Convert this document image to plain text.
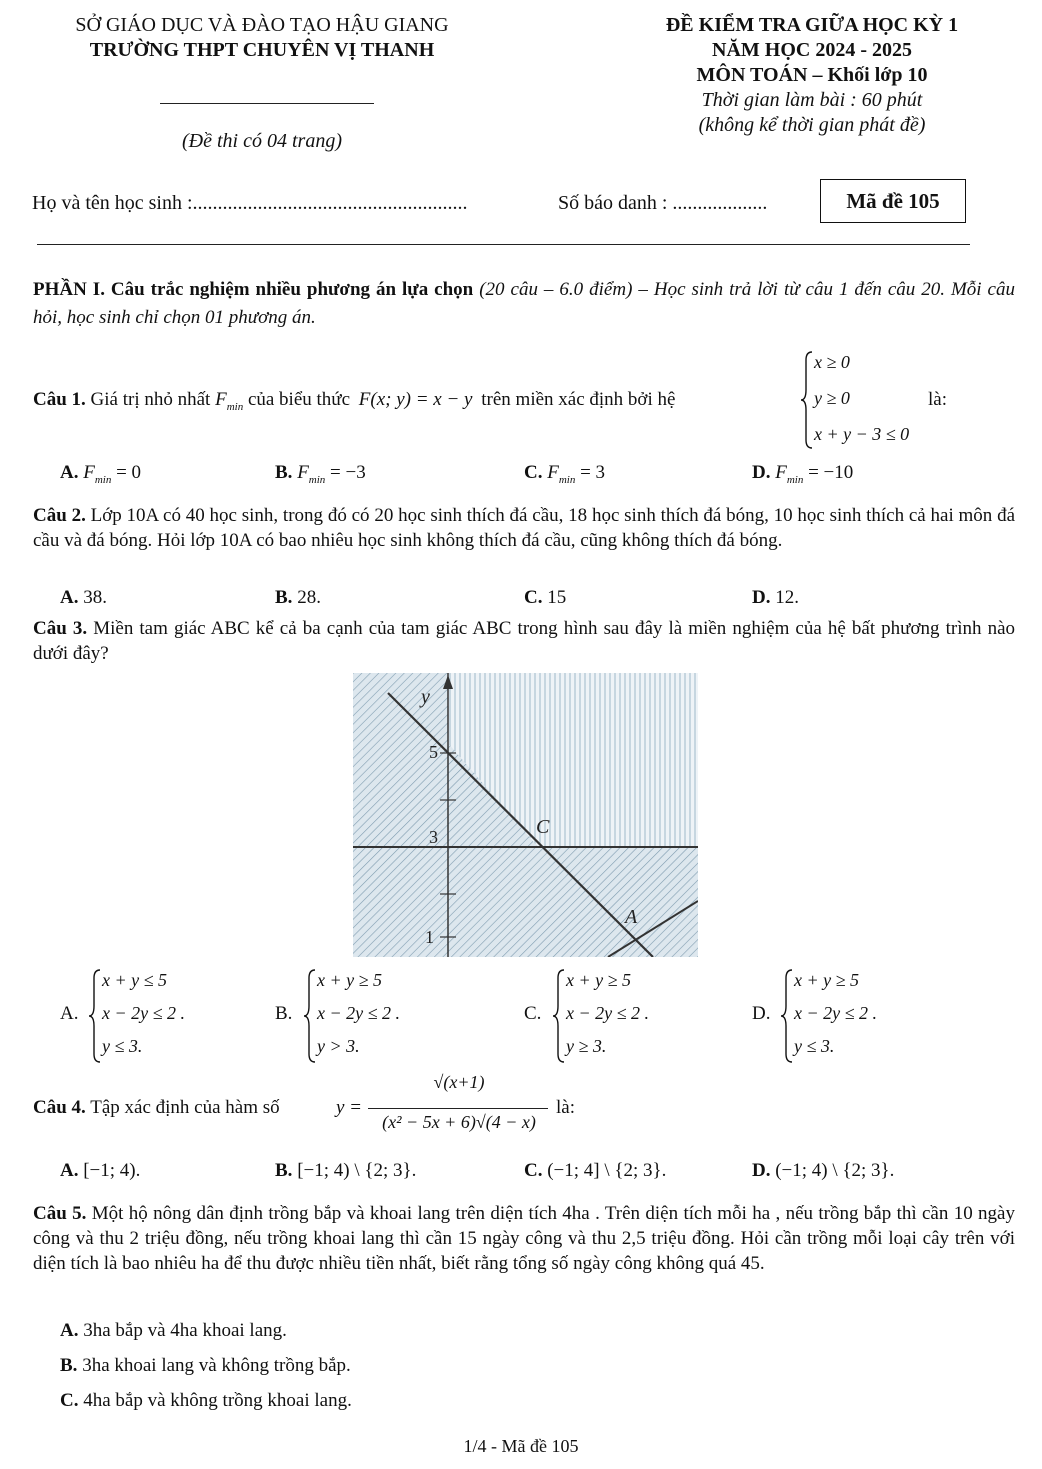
SỞ GIÁO DỤC VÀ ĐÀO TẠO HẬU GIANG
TRƯỜNG THPT CHUYÊN VỊ THANH
(Đề thi có 04 trang)
ĐỀ KIỂM TRA GIỮA HỌC KỲ 1
NĂM HỌC 2024 - 2025
MÔN TOÁN – Khối lớp 10
Thời gian làm bài : 60 phút
(không kể thời gian phát đề)
Họ và tên học sinh :.......................................................	Số báo danh : ...................	Mã đề 105
PHẦN I. Câu trắc nghiệm nhiều phương án lựa chọn (20 câu – 6.0 điểm) – Học sinh trả lời từ câu 1 đến câu 20. Mỗi câu hỏi, học sinh chỉ chọn 01 phương án.
Câu 1. Giá trị nhỏ nhất $F_{min}$ của biểu thức F(x; y) = x − y trên miền xác định bởi hệ
x ≥ 0
y ≥ 0
x + y − 3 ≤ 0
là:
A. $F_{min} = 0$	B. $F_{min} = -3$	C. $F_{min} = 3$	D. $F_{min} = -10$
Câu 2. Lớp 10A có 40 học sinh, trong đó có 20 học sinh thích đá cầu, 18 học sinh thích đá bóng, 10 học sinh thích cả hai môn đá cầu và đá bóng. Hỏi lớp 10A có bao nhiêu học sinh không thích đá cầu, cũng không thích đá bóng.
A. 38.	B. 28.	C. 15	D. 12.
Câu 3. Miền tam giác ABC kể cả ba cạnh của tam giác ABC trong hình sau đây là miền nghiệm của hệ bất phương trình nào dưới đây?
y
5
3
1
C
A
A.
x + y ≤ 5
x − 2y ≤ 2 .
y ≤ 3.
B.
x + y ≥ 5
x − 2y ≤ 2 .
y > 3.
C.
x + y ≥ 5
x − 2y ≤ 2 .
y ≥ 3.
D.
x + y ≥ 5
x − 2y ≤ 2 .
y ≤ 3.
Câu 4. Tập xác định của hàm số	y =
√(x+1)
(x² − 5x + 6)√(4 − x)
là:
A. [−1; 4).	B. [−1; 4) \ {2; 3}.	C. (−1; 4] \ {2; 3}.	D. (−1; 4) \ {2; 3}.
Câu 5. Một hộ nông dân định trồng bắp và khoai lang trên diện tích 4ha . Trên diện tích mỗi ha , nếu trồng bắp thì cần 10 ngày công và thu 2 triệu đồng, nếu trồng khoai lang thì cần 15 ngày công và thu 2,5 triệu đồng. Hỏi cần trồng mỗi loại cây trên với diện tích là bao nhiêu ha để thu được nhiều tiền nhất, biết rằng tổng số ngày công không quá 45.
A. 3ha bắp và 4ha khoai lang.
B. 3ha khoai lang và không trồng bắp.
C. 4ha bắp và không trồng khoai lang.
1/4 - Mã đề 105
